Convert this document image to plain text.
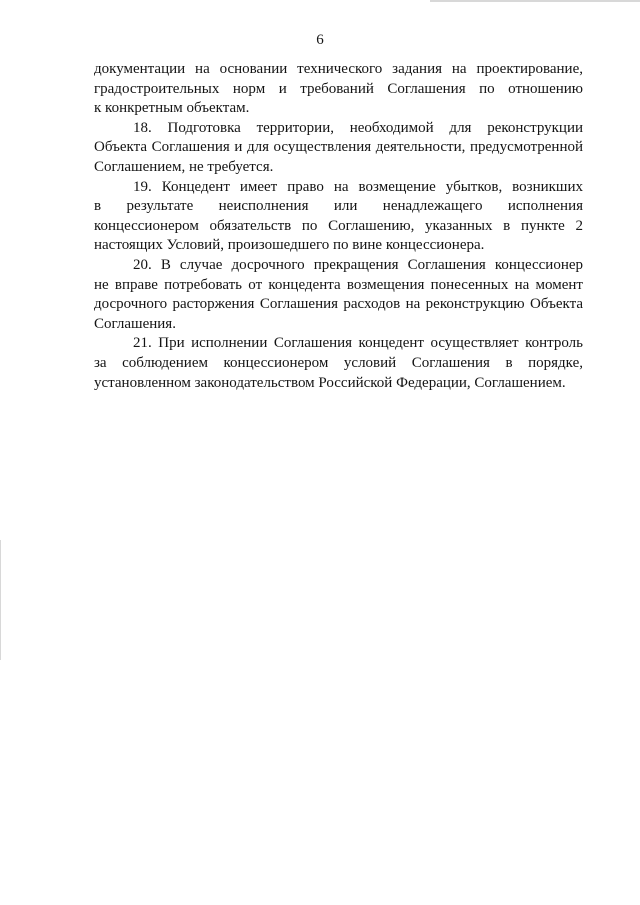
6
документации на основании технического задания на проектирование,
градостроительных норм и требований Соглашения по отношению
к конкретным объектам.
18. Подготовка территории, необходимой для реконструкции
Объекта Соглашения и для осуществления деятельности, предусмотренной
Соглашением, не требуется.
19. Концедент имеет право на возмещение убытков, возникших
в результате неисполнения или ненадлежащего исполнения
концессионером обязательств по Соглашению, указанных в пункте 2
настоящих Условий, произошедшего по вине концессионера.
20. В случае досрочного прекращения Соглашения концессионер
не вправе потребовать от концедента возмещения понесенных на момент
досрочного расторжения Соглашения расходов на реконструкцию Объекта
Соглашения.
21. При исполнении Соглашения концедент осуществляет контроль
за соблюдением концессионером условий Соглашения в порядке,
установленном законодательством Российской Федерации, Соглашением.
